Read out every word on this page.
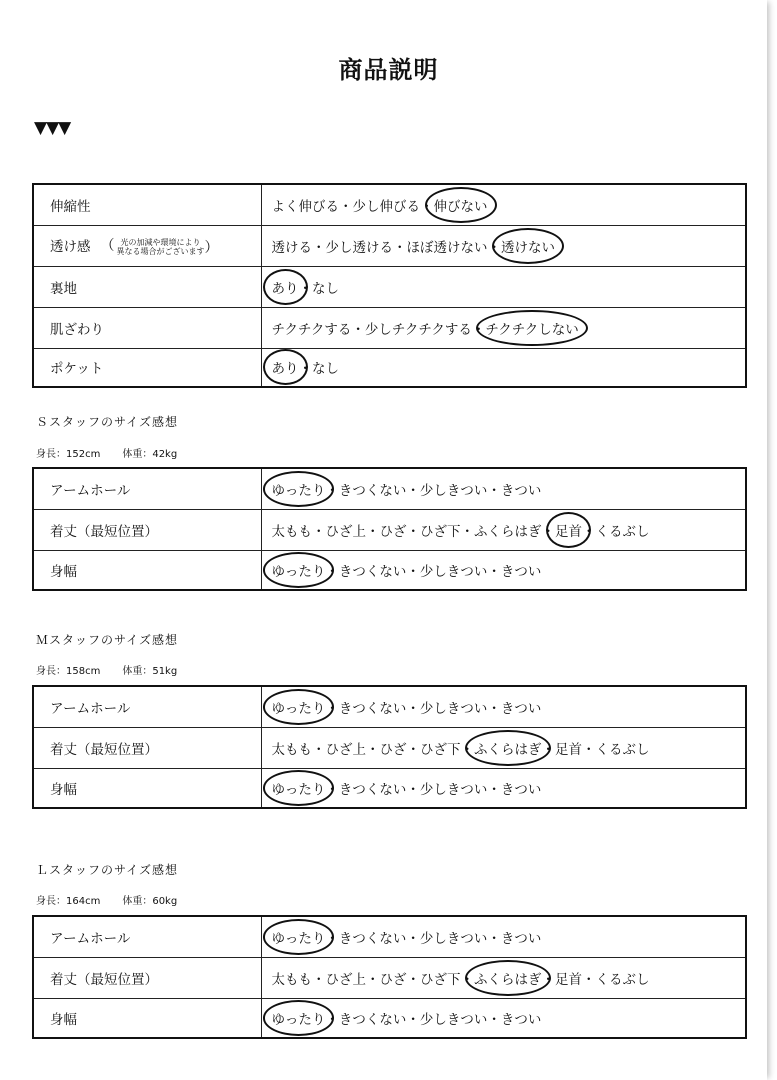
商品説明
▼▼▼
伸縮性	よく伸びる・少し伸びる・伸びない

透け感 （ 光の加減や環境により
異なる場合がございます）	透ける・少し透ける・ほぼ透けない・透けない

裏地	あり
・なし
肌ざわり	チクチクする・少しチクチクする・チクチクしない

ポケット	あり
・なし
Ｓスタッフのサイズ感想
身長：152cm 体重：42kg
アームホール	ゆったり
・きつくない・少しきつい・きつい
着丈（最短位置）	太もも・ひざ上・ひざ・ひざ下・ふくらはぎ・足首
・くるぶし
身幅	ゆったり
・きつくない・少しきつい・きつい
Ｍスタッフのサイズ感想
身長：158cm 体重：51kg
アームホール	ゆったり
・きつくない・少しきつい・きつい
着丈（最短位置）	太もも・ひざ上・ひざ・ひざ下・ふくらはぎ
・足首・くるぶし
身幅	ゆったり
・きつくない・少しきつい・きつい
Ｌスタッフのサイズ感想
身長：164cm 体重：60kg
アームホール	ゆったり
・きつくない・少しきつい・きつい
着丈（最短位置）	太もも・ひざ上・ひざ・ひざ下・ふくらはぎ
・足首・くるぶし
身幅	ゆったり
・きつくない・少しきつい・きつい
